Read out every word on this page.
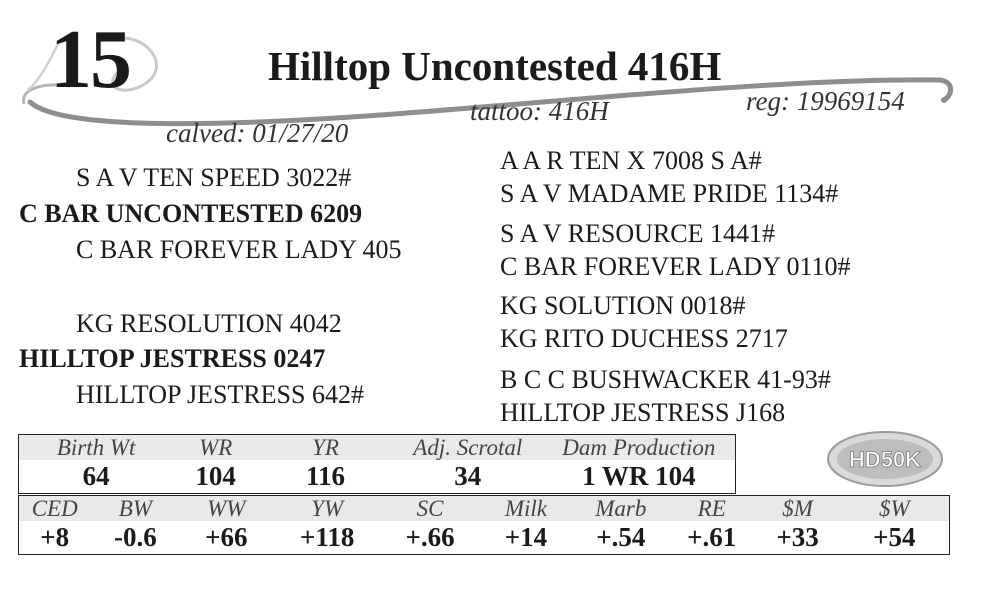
15	Hilltop Uncontested 416H
tattoo: 416H	reg: 19969154
calved: 01/27/20
S A V TEN SPEED 3022#
C BAR UNCONTESTED 6209
C BAR FOREVER LADY 405
KG RESOLUTION 4042
HILLTOP JESTRESS 0247
HILLTOP JESTRESS 642#
A A R TEN X 7008 S A#
S A V MADAME PRIDE 1134#
S A V RESOURCE 1441#
C BAR FOREVER LADY 0110#
KG SOLUTION 0018#
KG RITO DUCHESS 2717
B C C BUSHWACKER 41-93#
HILLTOP JESTRESS J168
Birth Wt	WR	YR	Adj. Scrotal	Dam Production
64	104	116	34	1 WR 104
HD50K
CED	BW	WW	YW	SC	Milk	Marb	RE	$M	$W
+8	-0.6	+66	+118	+.66	+14	+.54	+.61	+33	+54
